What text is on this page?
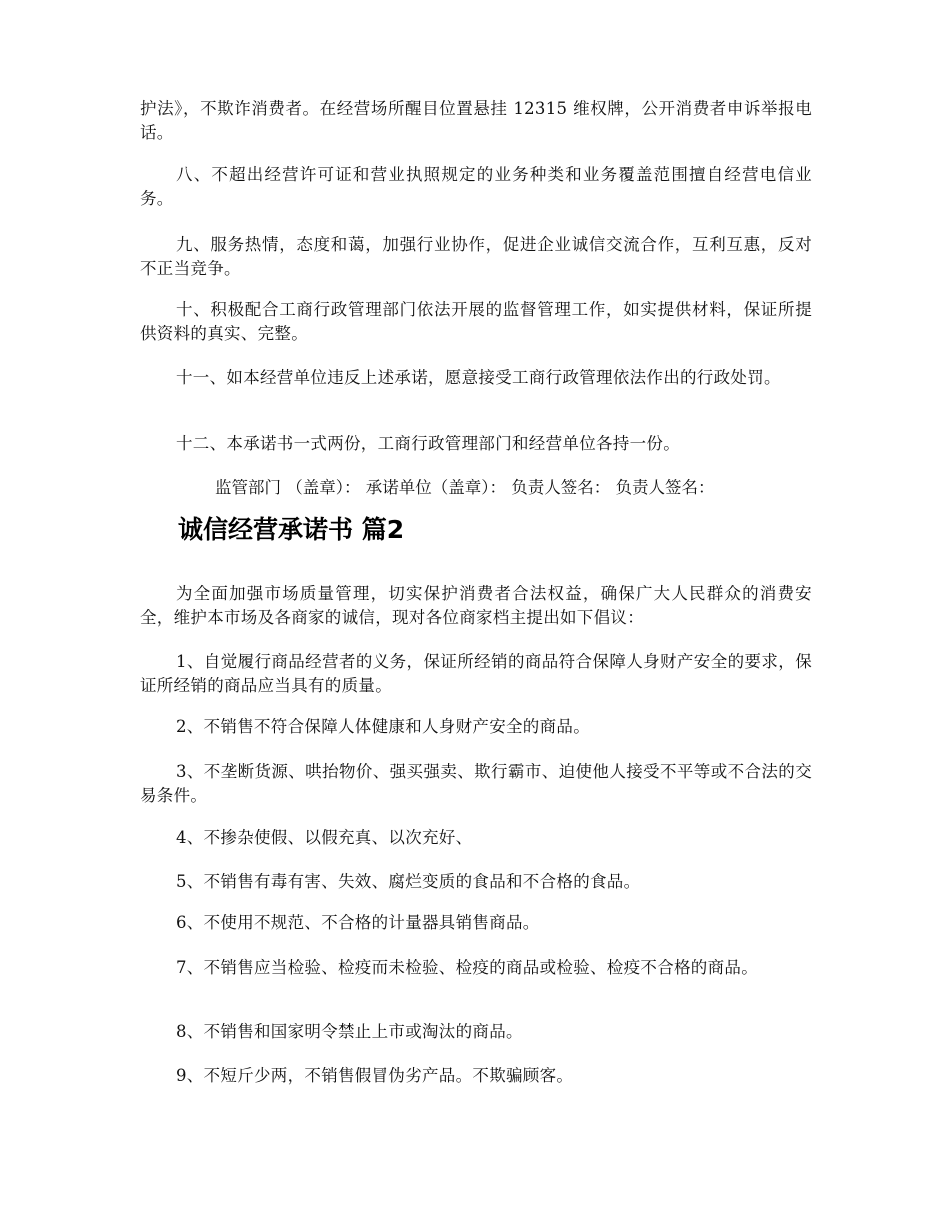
护法》，不欺诈消费者。在经营场所醒目位置悬挂 12315 维权牌，公开消费者申诉举报电话。

八、不超出经营许可证和营业执照规定的业务种类和业务覆盖范围擅自经营电信业务。

九、服务热情，态度和蔼，加强行业协作，促进企业诚信交流合作，互利互惠，反对不正当竞争。

十、积极配合工商行政管理部门依法开展的监督管理工作，如实提供材料，保证所提供资料的真实、完整。

十一、如本经营单位违反上述承诺，愿意接受工商行政管理依法作出的行政处罚。

十二、本承诺书一式两份，工商行政管理部门和经营单位各持一份。

监管部门 （盖章）： 承诺单位（盖章）： 负责人签名： 负责人签名：

诚信经营承诺书 篇2

为全面加强市场质量管理，切实保护消费者合法权益，确保广大人民群众的消费安全，维护本市场及各商家的诚信，现对各位商家档主提出如下倡议：

1、自觉履行商品经营者的义务，保证所经销的商品符合保障人身财产安全的要求，保证所经销的商品应当具有的质量。

2、不销售不符合保障人体健康和人身财产安全的商品。

3、不垄断货源、哄抬物价、强买强卖、欺行霸市、迫使他人接受不平等或不合法的交易条件。

4、不掺杂使假、以假充真、以次充好、

5、不销售有毒有害、失效、腐烂变质的食品和不合格的食品。

6、不使用不规范、不合格的计量器具销售商品。

7、不销售应当检验、检疫而未检验、检疫的商品或检验、检疫不合格的商品。

8、不销售和国家明令禁止上市或淘汰的商品。

9、不短斤少两，不销售假冒伪劣产品。不欺骗顾客。
